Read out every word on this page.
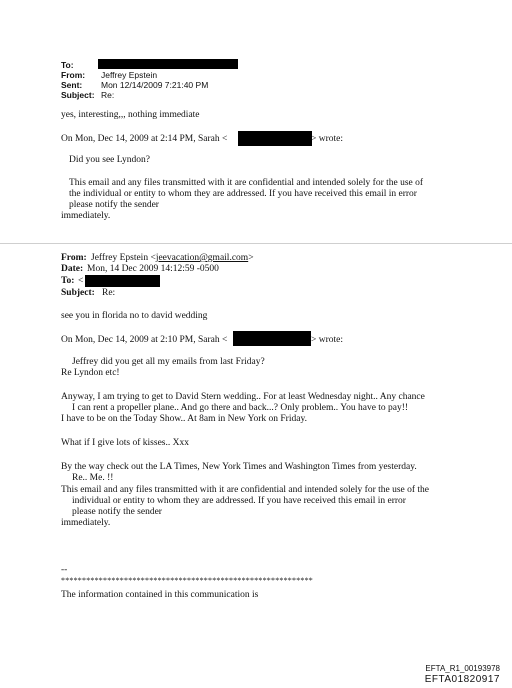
To:
From: Jeffrey Epstein
Sent: Mon 12/14/2009 7:21:40 PM
Subject: Re:
yes, interesting,,, nothing immediate
On Mon, Dec 14, 2009 at 2:14 PM, Sarah <	> wrote:
Did you see Lyndon?
This email and any files transmitted with it are confidential and intended solely for the use of
the individual or entity to whom they are addressed. If you have received this email in error
please notify the sender
immediately.
From: Jeffrey Epstein <jeevacation@gmail.com>
Date: Mon, 14 Dec 2009 14:12:59 -0500
To: <
Subject: Re:
see you in florida no to david wedding
On Mon, Dec 14, 2009 at 2:10 PM, Sarah <	> wrote:
Jeffrey did you get all my emails from last Friday?
Re Lyndon etc!
Anyway, I am trying to get to David Stern wedding.. For at least Wednesday night.. Any chance
I can rent a propeller plane.. And go there and back...? Only problem.. You have to pay!!
I have to be on the Today Show.. At 8am in New York on Friday.
What if I give lots of kisses.. Xxx
By the way check out the LA Times, New York Times and Washington Times from yesterday.
Re.. Me. !!
This email and any files transmitted with it are confidential and intended solely for the use of the
individual or entity to whom they are addressed. If you have received this email in error
please notify the sender
immediately.
--
************************************************************
The information contained in this communication is
EFTA_R1_00193978
EFTA01820917
